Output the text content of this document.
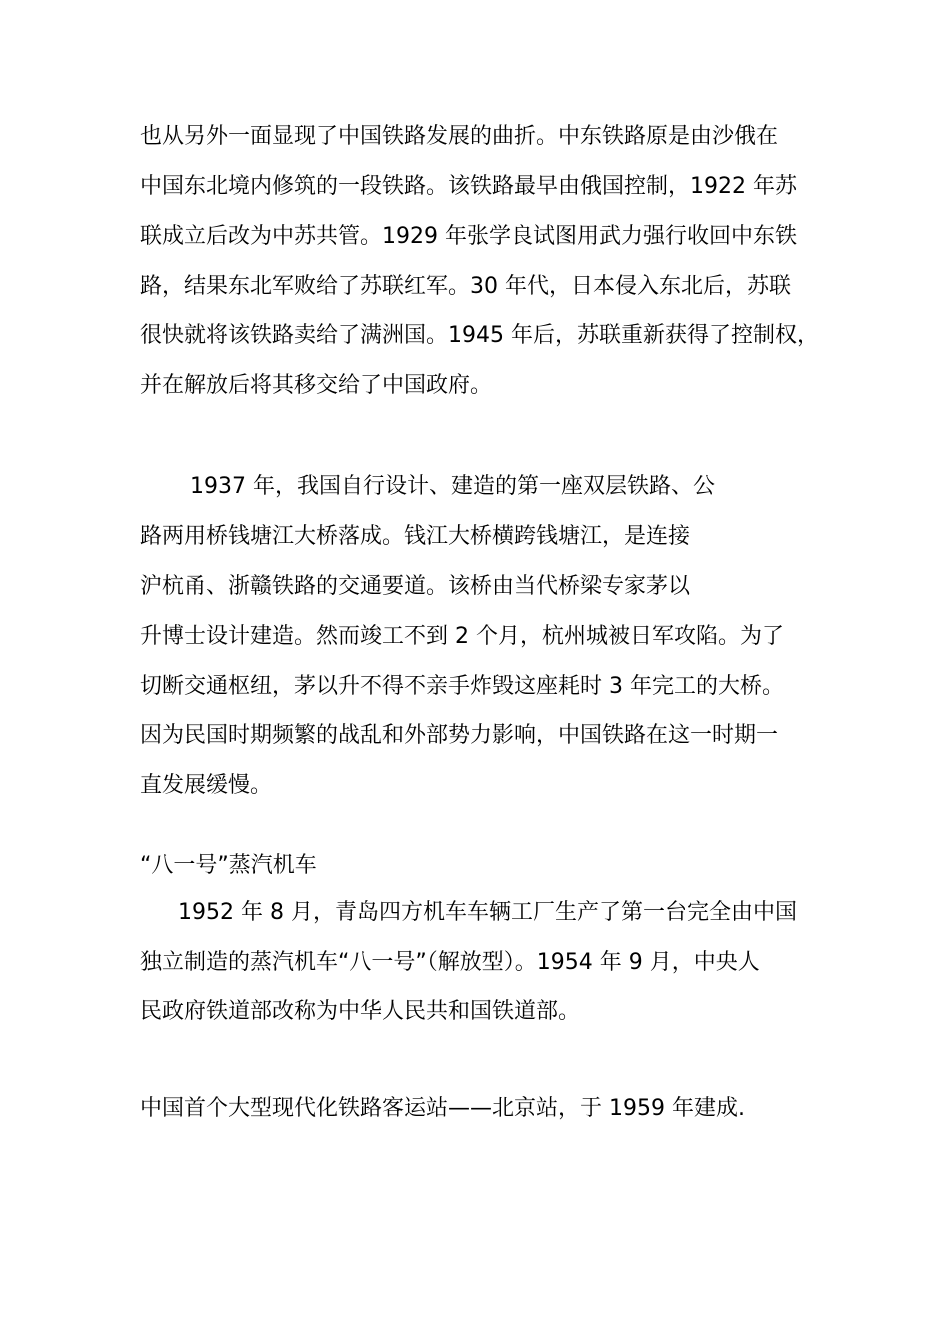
也从另外一面显现了中国铁路发展的曲折。中东铁路原是由沙俄在
中国东北境内修筑的一段铁路。该铁路最早由俄国控制，1922 年苏
联成立后改为中苏共管。1929 年张学良试图用武力强行收回中东铁
路，结果东北军败给了苏联红军。30 年代，日本侵入东北后，苏联
很快就将该铁路卖给了满洲国。1945 年后，苏联重新获得了控制权，
并在解放后将其移交给了中国政府。
1937 年，我国自行设计、建造的第一座双层铁路、公
路两用桥钱塘江大桥落成。钱江大桥横跨钱塘江，是连接
沪杭甬、浙赣铁路的交通要道。该桥由当代桥梁专家茅以
升博士设计建造。然而竣工不到 2 个月，杭州城被日军攻陷。为了
切断交通枢纽，茅以升不得不亲手炸毁这座耗时 3 年完工的大桥。
因为民国时期频繁的战乱和外部势力影响，中国铁路在这一时期一
直发展缓慢。
“八一号”蒸汽机车
1952 年 8 月，青岛四方机车车辆工厂生产了第一台完全由中国
独立制造的蒸汽机车“八一号”（解放型）。1954 年 9 月，中央人
民政府铁道部改称为中华人民共和国铁道部。
中国首个大型现代化铁路客运站——北京站，于 1959 年建成.
